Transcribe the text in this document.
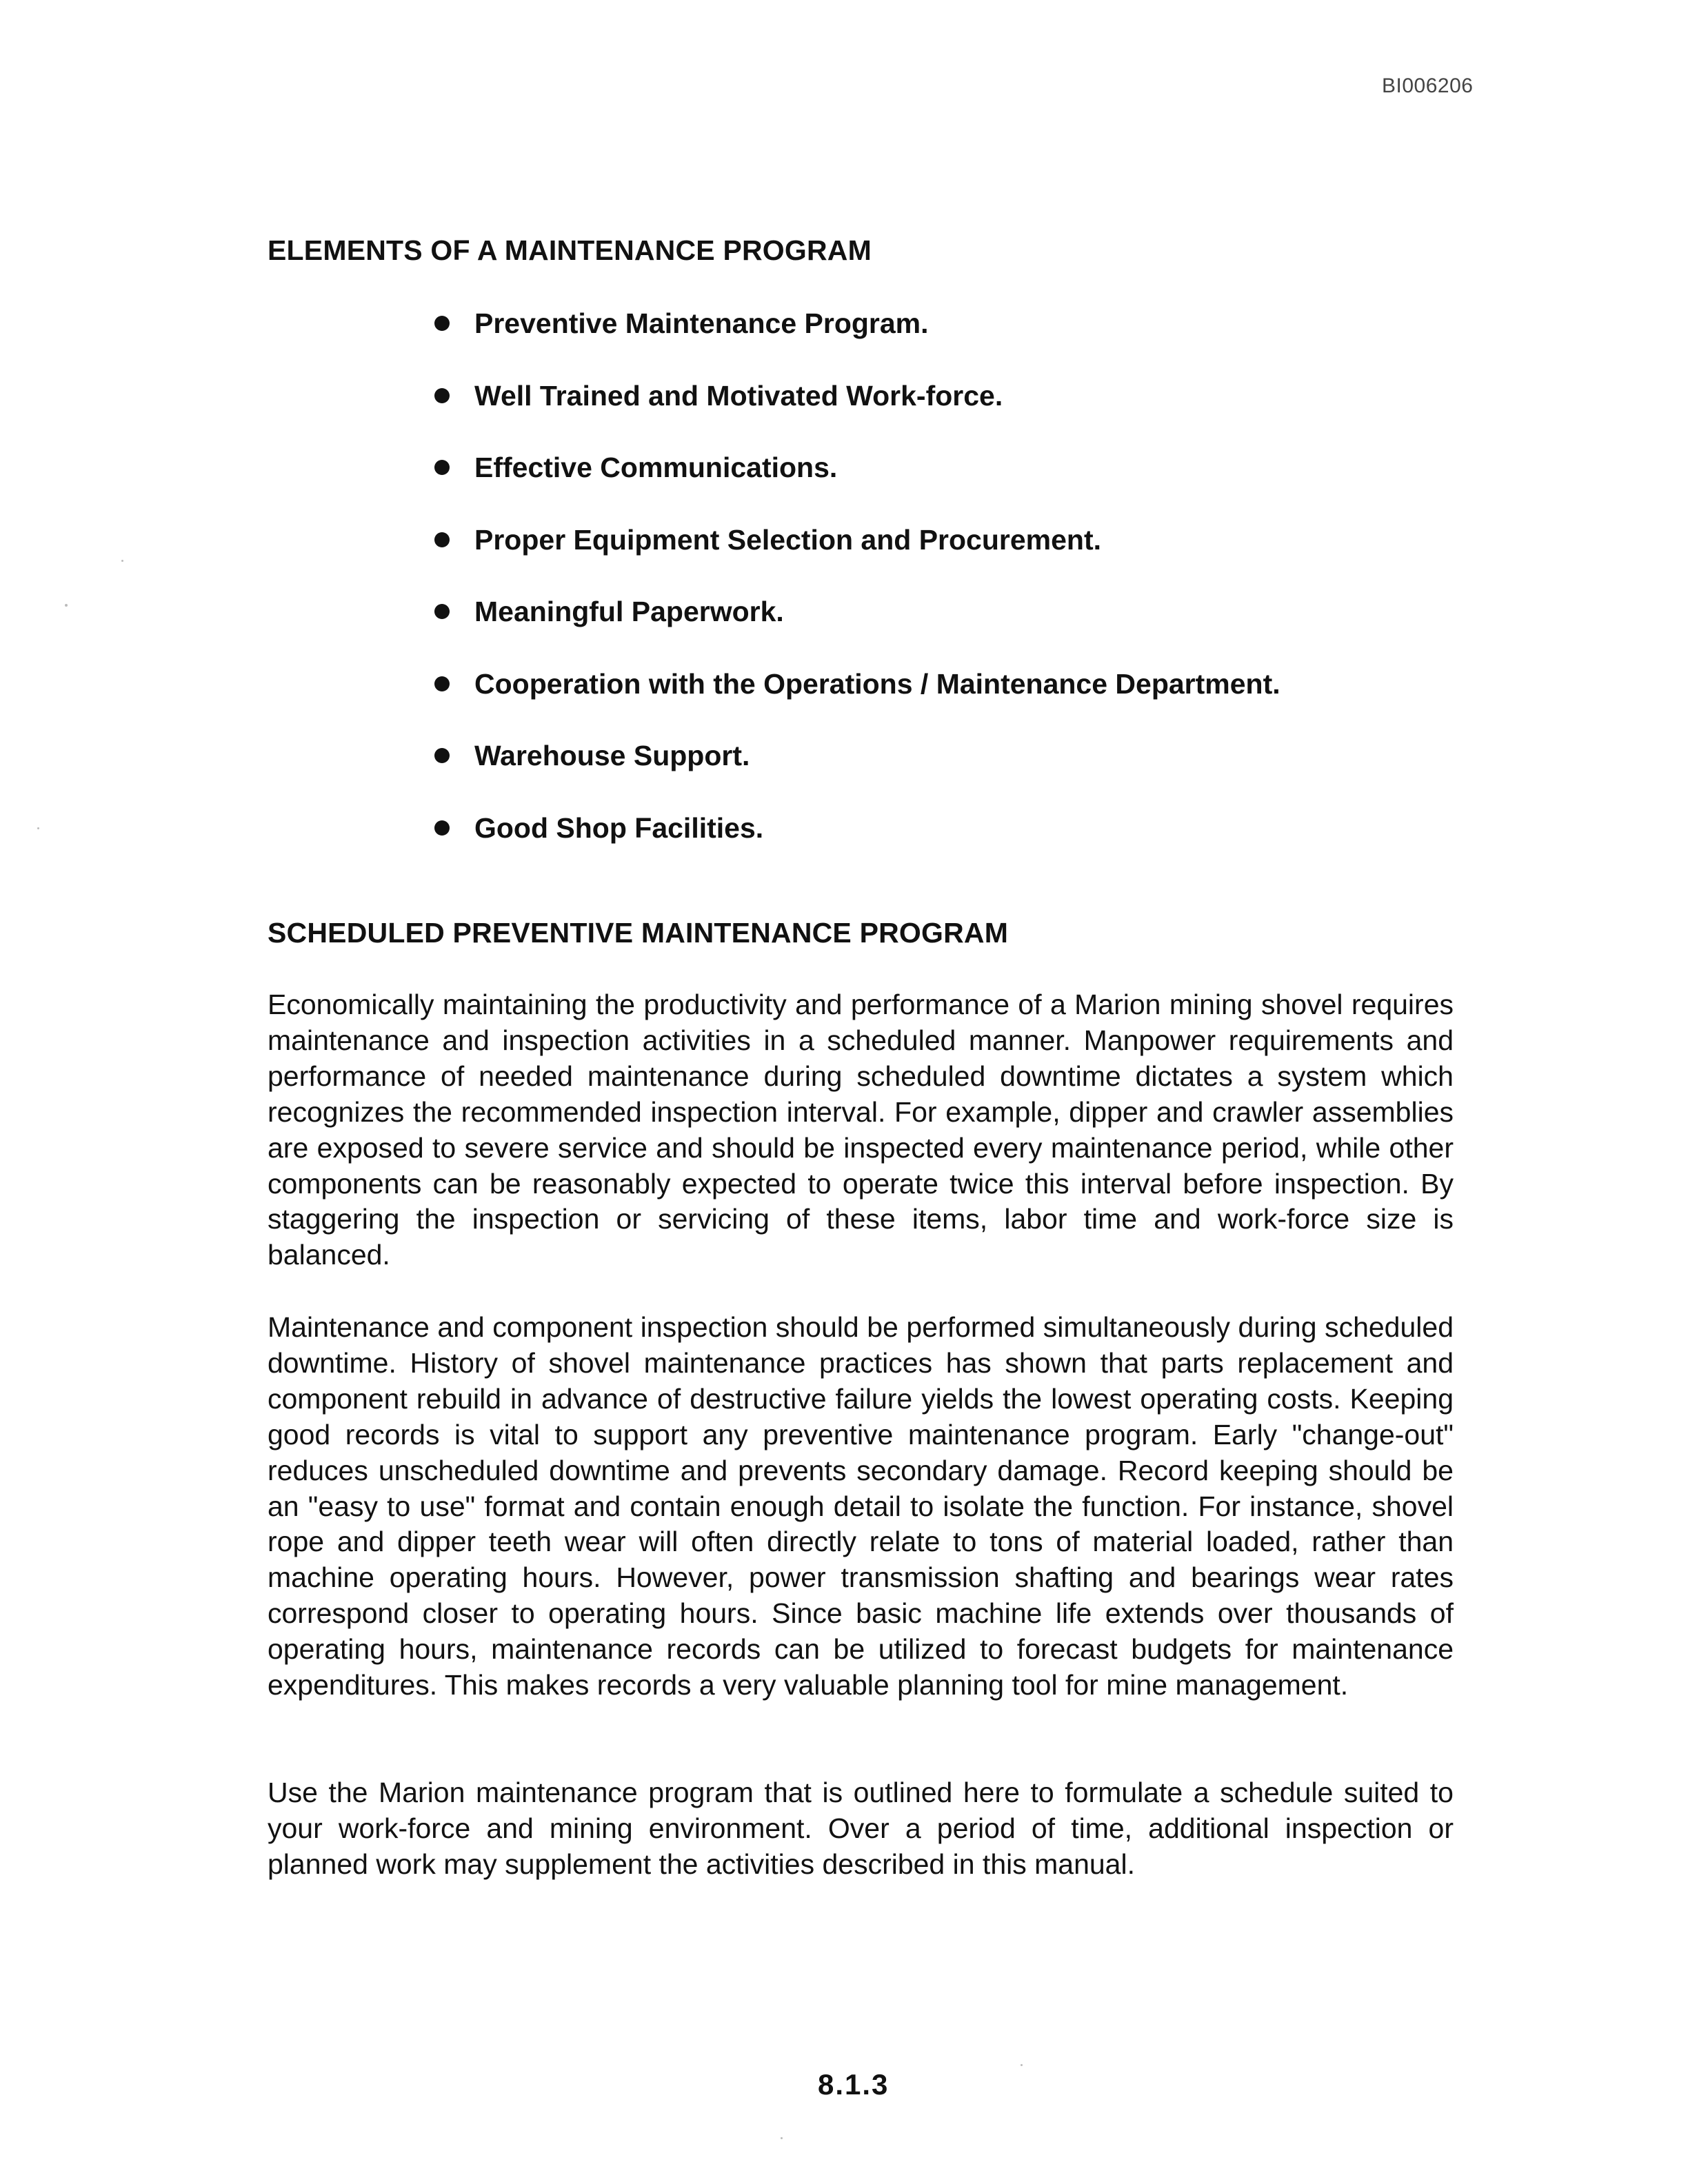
BI006206
ELEMENTS OF A MAINTENANCE PROGRAM
Preventive Maintenance Program.
Well Trained and Motivated Work-force.
Effective Communications.
Proper Equipment Selection and Procurement.
Meaningful Paperwork.
Cooperation with the Operations / Maintenance Department.
Warehouse Support.
Good Shop Facilities.
SCHEDULED PREVENTIVE MAINTENANCE PROGRAM

Economically maintaining the productivity and performance of a Marion mining shovel requires maintenance and inspection activities in a scheduled manner. Manpower requirements and performance of needed maintenance during scheduled downtime dictates a system which recognizes the recommended inspection interval. For example, dipper and crawler assemblies are exposed to severe service and should be inspected every maintenance period, while other components can be reasonably expected to operate twice this interval before inspection. By staggering the inspection or servicing of these items, labor time and work-force size is balanced.

Maintenance and component inspection should be performed simultaneously during scheduled downtime. History of shovel maintenance practices has shown that parts replacement and component rebuild in advance of destructive failure yields the lowest operating costs. Keeping good records is vital to support any preventive maintenance program. Early "change-out" reduces unscheduled downtime and prevents secondary damage. Record keeping should be an "easy to use" format and contain enough detail to isolate the function. For instance, shovel rope and dipper teeth wear will often directly relate to tons of material loaded, rather than machine operating hours. However, power transmission shafting and bearings wear rates correspond closer to operating hours. Since basic machine life extends over thousands of operating hours, maintenance records can be utilized to forecast budgets for maintenance expenditures. This makes records a very valuable planning tool for mine management.

Use the Marion maintenance program that is outlined here to formulate a schedule suited to your work-force and mining environment. Over a period of time, additional inspection or planned work may supplement the activities described in this manual.

8.1.3
